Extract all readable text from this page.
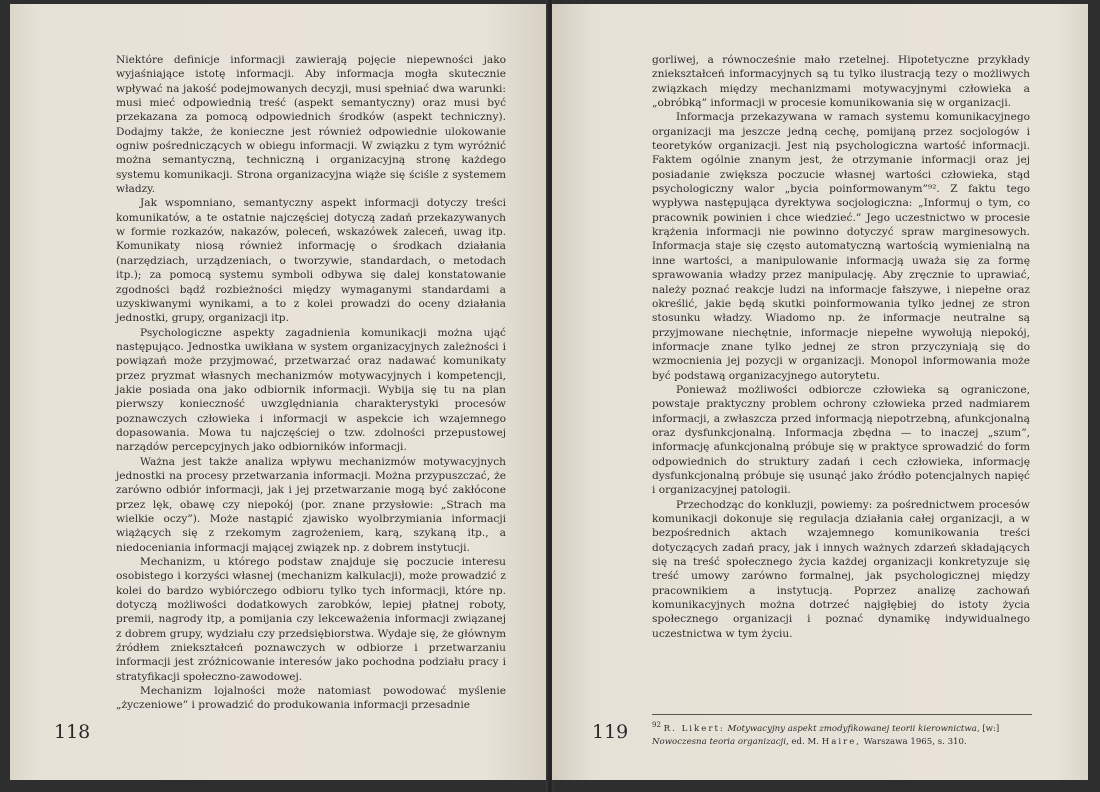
Niektóre definicje informacji zawierają pojęcie niepewności jako wyjaśniające istotę informacji. Aby informacja mogła skutecznie wpływać na jakość podejmowanych decyzji, musi spełniać dwa warunki: musi mieć odpowiednią treść (aspekt semantyczny) oraz musi być przekazana za pomocą odpowiednich środków (aspekt techniczny). Dodajmy także, że konieczne jest również odpowiednie ulokowanie ogniw pośredniczących w obiegu informacji. W związku z tym wyróżnić można semantyczną, techniczną i organizacyjną stronę każdego systemu komunikacji. Strona organizacyjna wiąże się ściśle z systemem władzy.

Jak wspomniano, semantyczny aspekt informacji dotyczy treści komunikatów, a te ostatnie najczęściej dotyczą zadań przekazywanych w formie rozkazów, nakazów, poleceń, wskazówek zaleceń, uwag itp. Komunikaty niosą również informację o środkach działania (narzędziach, urządzeniach, o tworzywie, standardach, o metodach itp.); za pomocą systemu symboli odbywa się dalej konstatowanie zgodności bądź rozbieżności między wymaganymi standardami a uzyskiwanymi wynikami, a to z kolei prowadzi do oceny działania jednostki, grupy, organizacji itp.

Psychologiczne aspekty zagadnienia komunikacji można ująć następująco. Jednostka uwikłana w system organizacyjnych zależności i powiązań może przyjmować, przetwarzać oraz nadawać komunikaty przez pryzmat własnych mechanizmów motywacyjnych i kompetencji, jakie posiada ona jako odbiornik informacji. Wybija się tu na plan pierwszy konieczność uwzględniania charakterystyki procesów poznawczych człowieka i informacji w aspekcie ich wzajemnego dopasowania. Mowa tu najczęściej o tzw. zdolności przepustowej narządów percepcyjnych jako odbiorników informacji.

Ważna jest także analiza wpływu mechanizmów motywacyjnych jednostki na procesy przetwarzania informacji. Można przypuszczać, że zarówno odbiór informacji, jak i jej przetwarzanie mogą być zakłócone przez lęk, obawę czy niepokój (por. znane przysłowie: „Strach ma wielkie oczy”). Może nastąpić zjawisko wyolbrzymiania informacji wiążących się z rzekomym zagrożeniem, karą, szykaną itp., a niedoceniania informacji mającej związek np. z dobrem instytucji.

Mechanizm, u którego podstaw znajduje się poczucie interesu osobistego i korzyści własnej (mechanizm kalkulacji), może prowadzić z kolei do bardzo wybiórczego odbioru tylko tych informacji, które np. dotyczą możliwości dodatkowych zarobków, lepiej płatnej roboty, premii, nagrody itp, a pomijania czy lekceważenia informacji związanej z dobrem grupy, wydziału czy przedsiębiorstwa. Wydaje się, że głównym źródłem zniekształceń poznawczych w odbiorze i przetwarzaniu informacji jest zróżnicowanie interesów jako pochodna podziału pracy i stratyfikacji społeczno-zawodowej.

Mechanizm lojalności może natomiast powodować myślenie „życzeniowe” i prowadzić do produkowania informacji przesadnie

118

gorliwej, a równocześnie mało rzetelnej. Hipotetyczne przykłady zniekształceń informacyjnych są tu tylko ilustracją tezy o możliwych związkach między mechanizmami motywacyjnymi człowieka a „obróbką” informacji w procesie komunikowania się w organizacji.

Informacja przekazywana w ramach systemu komunikacyjnego organizacji ma jeszcze jedną cechę, pomijaną przez socjologów i teoretyków organizacji. Jest nią psychologiczna wartość informacji. Faktem ogólnie znanym jest, że otrzymanie informacji oraz jej posiadanie zwiększa poczucie własnej wartości człowieka, stąd psychologiczny walor „bycia poinformowanym”⁹². Z faktu tego wypływa następująca dyrektywa socjologiczna: „Informuj o tym, co pracownik powinien i chce wiedzieć.” Jego uczestnictwo w procesie krążenia informacji nie powinno dotyczyć spraw marginesowych. Informacja staje się często automatyczną wartością wymienialną na inne wartości, a manipulowanie informacją uważa się za formę sprawowania władzy przez manipulację. Aby zręcznie to uprawiać, należy poznać reakcje ludzi na informacje fałszywe, i niepełne oraz określić, jakie będą skutki poinformowania tylko jednej ze stron stosunku władzy. Wiadomo np. że informacje neutralne są przyjmowane niechętnie, informacje niepełne wywołują niepokój, informacje znane tylko jednej ze stron przyczyniają się do wzmocnienia jej pozycji w organizacji. Monopol informowania może być podstawą organizacyjnego autorytetu.

Ponieważ możliwości odbiorcze człowieka są ograniczone, powstaje praktyczny problem ochrony człowieka przed nadmiarem informacji, a zwłaszcza przed informacją niepotrzebną, afunkcjonalną oraz dysfunkcjonalną. Informacja zbędna — to inaczej „szum”, informację afunkcjonalną próbuje się w praktyce sprowadzić do form odpowiednich do struktury zadań i cech człowieka, informację dysfunkcjonalną próbuje się usunąć jako źródło potencjalnych napięć i organizacyjnej patologii.

Przechodząc do konkluzji, powiemy: za pośrednictwem procesów komunikacji dokonuje się regulacja działania całej organizacji, a w bezpośrednich aktach wzajemnego komunikowania treści dotyczących zadań pracy, jak i innych ważnych zdarzeń składających się na treść społecznego życia każdej organizacji konkretyzuje się treść umowy zarówno formalnej, jak psychologicznej między pracownikiem a instytucją. Poprzez analizę zachowań komunikacyjnych można dotrzeć najgłębiej do istoty życia społecznego organizacji i poznać dynamikę indywidualnego uczestnictwa w tym życiu.

119	$^{92}$ R. Likert: Motywacyjny aspekt zmodyfikowanej teorii kierownictwa, [w:] Nowoczesna teoria organizacji, ed. M. Haire, Warszawa 1965, s. 310.
